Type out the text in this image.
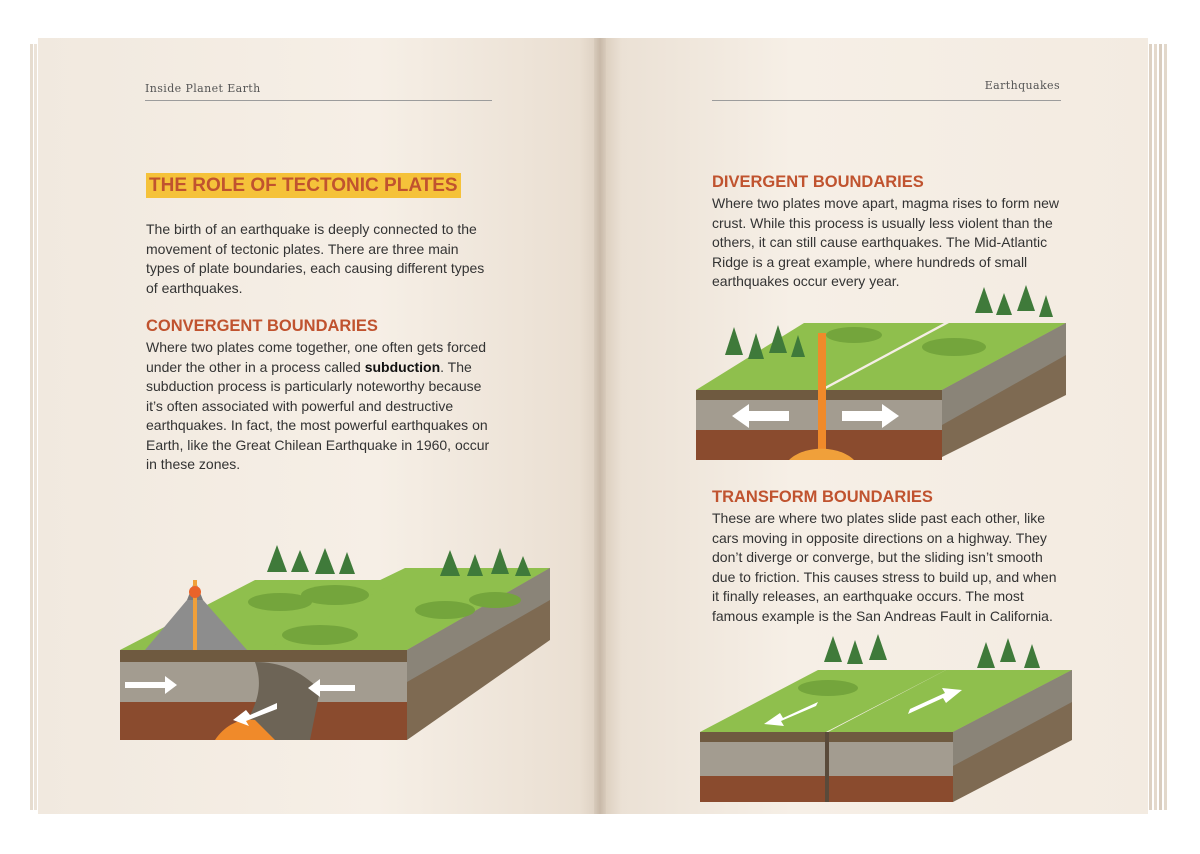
Inside Planet Earth
THE ROLE OF TECTONIC PLATES
The birth of an earthquake is deeply connected to the movement of tectonic plates. There are three main types of plate boundaries, each causing different types of earthquakes.
CONVERGENT BOUNDARIES
Where two plates come together, one often gets forced under the other in a process called subduction. The subduction process is particularly noteworthy because it’s often associated with powerful and destructive earthquakes. In fact, the most powerful earthquakes on Earth, like the Great Chilean Earthquake in 1960, occur in these zones.
Earthquakes
DIVERGENT BOUNDARIES
Where two plates move apart, magma rises to form new crust. While this process is usually less violent than the others, it can still cause earthquakes. The Mid-Atlantic Ridge is a great example, where hundreds of small earthquakes occur every year.
TRANSFORM BOUNDARIES
These are where two plates slide past each other, like cars moving in opposite directions on a highway. They don’t diverge or converge, but the sliding isn’t smooth due to friction. This causes stress to build up, and when it finally releases, an earthquake occurs. The most famous example is the San Andreas Fault in California.
